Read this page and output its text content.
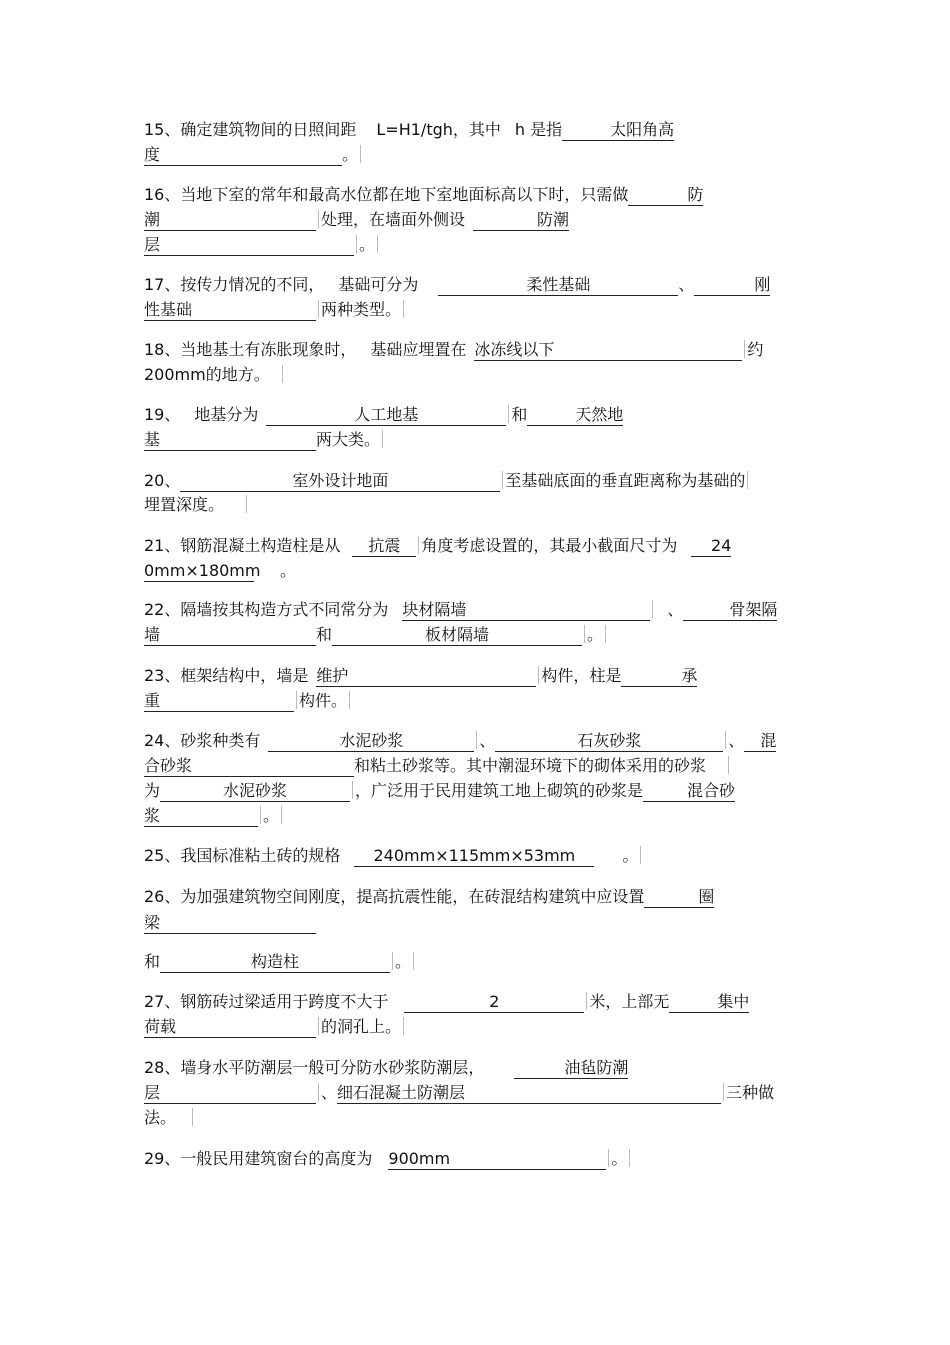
15、确定建筑物间的日照间距 L=H1/tgh，其中 h 是指	太阳角高
度	。
16、当地下室的常年和最高水位都在地下室地面标高以下时，只需做	防
潮	处理，在墙面外侧设	防潮
层	。
17、按传力情况的不同， 基础可分为	柔性基础	、	刚
性基础	两种类型。
18、当地基土有冻胀现象时， 基础应埋置在 冰冻线以下	约
200mm的地方。
19、 地基分为	人工地基	和	天然地
基	两大类。
20、	室外设计地面	至基础底面的垂直距离称为基础的
埋置深度。
21、钢筋混凝土构造柱是从 抗震 角度考虑设置的，其最小截面尺寸为 24
0mm×180mm 。
22、隔墙按其构造方式不同常分为 块材隔墙	、	骨架隔
墙	和	板材隔墙	。
23、框架结构中，墙是 维护	构件，柱是	承
重	构件。
24、砂浆种类有	水泥砂浆	、	石灰砂浆	、 混
合砂浆	和粘土砂浆等。其中潮湿环境下的砌体采用的砂浆
为	水泥砂浆	，广泛用于民用建筑工地上砌筑的砂浆是	混合砂
浆	。
25、我国标准粘土砖的规格 240mm×115mm×53mm	。
26、为加强建筑物空间刚度，提高抗震性能，在砖混结构建筑中应设置	圈
梁
和	构造柱	。
27、钢筋砖过梁适用于跨度不大于	2	米，上部无	集中
荷载	的洞孔上。
28、墙身水平防潮层一般可分防水砂浆防潮层，	油毡防潮
层	、细石混凝土防潮层	三种做
法。
29、一般民用建筑窗台的高度为 900mm	。
